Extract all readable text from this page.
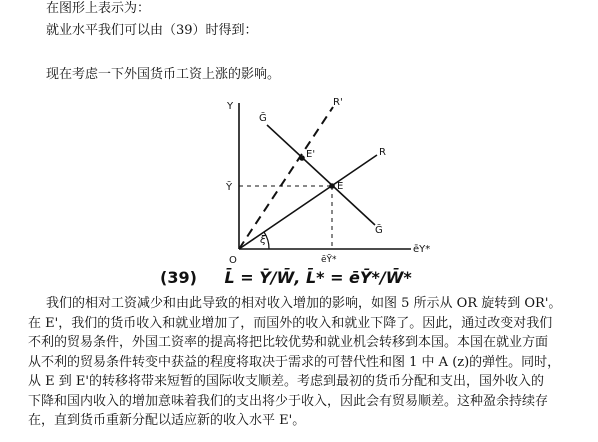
在图形上表示为：
就业水平我们可以由（39）时得到：
现在考虑一下外国货币工资上涨的影响。
Y	R'
Ḡ
E'	R
Ȳ	E
Ḡ
O
ξ
ēȲ*
ēY*
(39) L̄ = Ȳ/W̄, L̄* = ēȲ*/W̄*
我们的相对工资减少和由此导致的相对收入增加的影响，如图 5 所示从 OR 旋转到 OR'。
在 E'，我们的货币收入和就业增加了，而国外的收入和就业下降了。因此，通过改变对我们
不利的贸易条件，外国工资率的提高将把比较优势和就业机会转移到本国。本国在就业方面
从不利的贸易条件转变中获益的程度将取决于需求的可替代性和图 1 中 A (z)的弹性。同时，
从 E 到 E'的转移将带来短暂的国际收支顺差。考虑到最初的货币分配和支出，国外收入的
下降和国内收入的增加意味着我们的支出将少于收入，因此会有贸易顺差。这种盈余持续存
在，直到货币重新分配以适应新的收入水平 E'。
